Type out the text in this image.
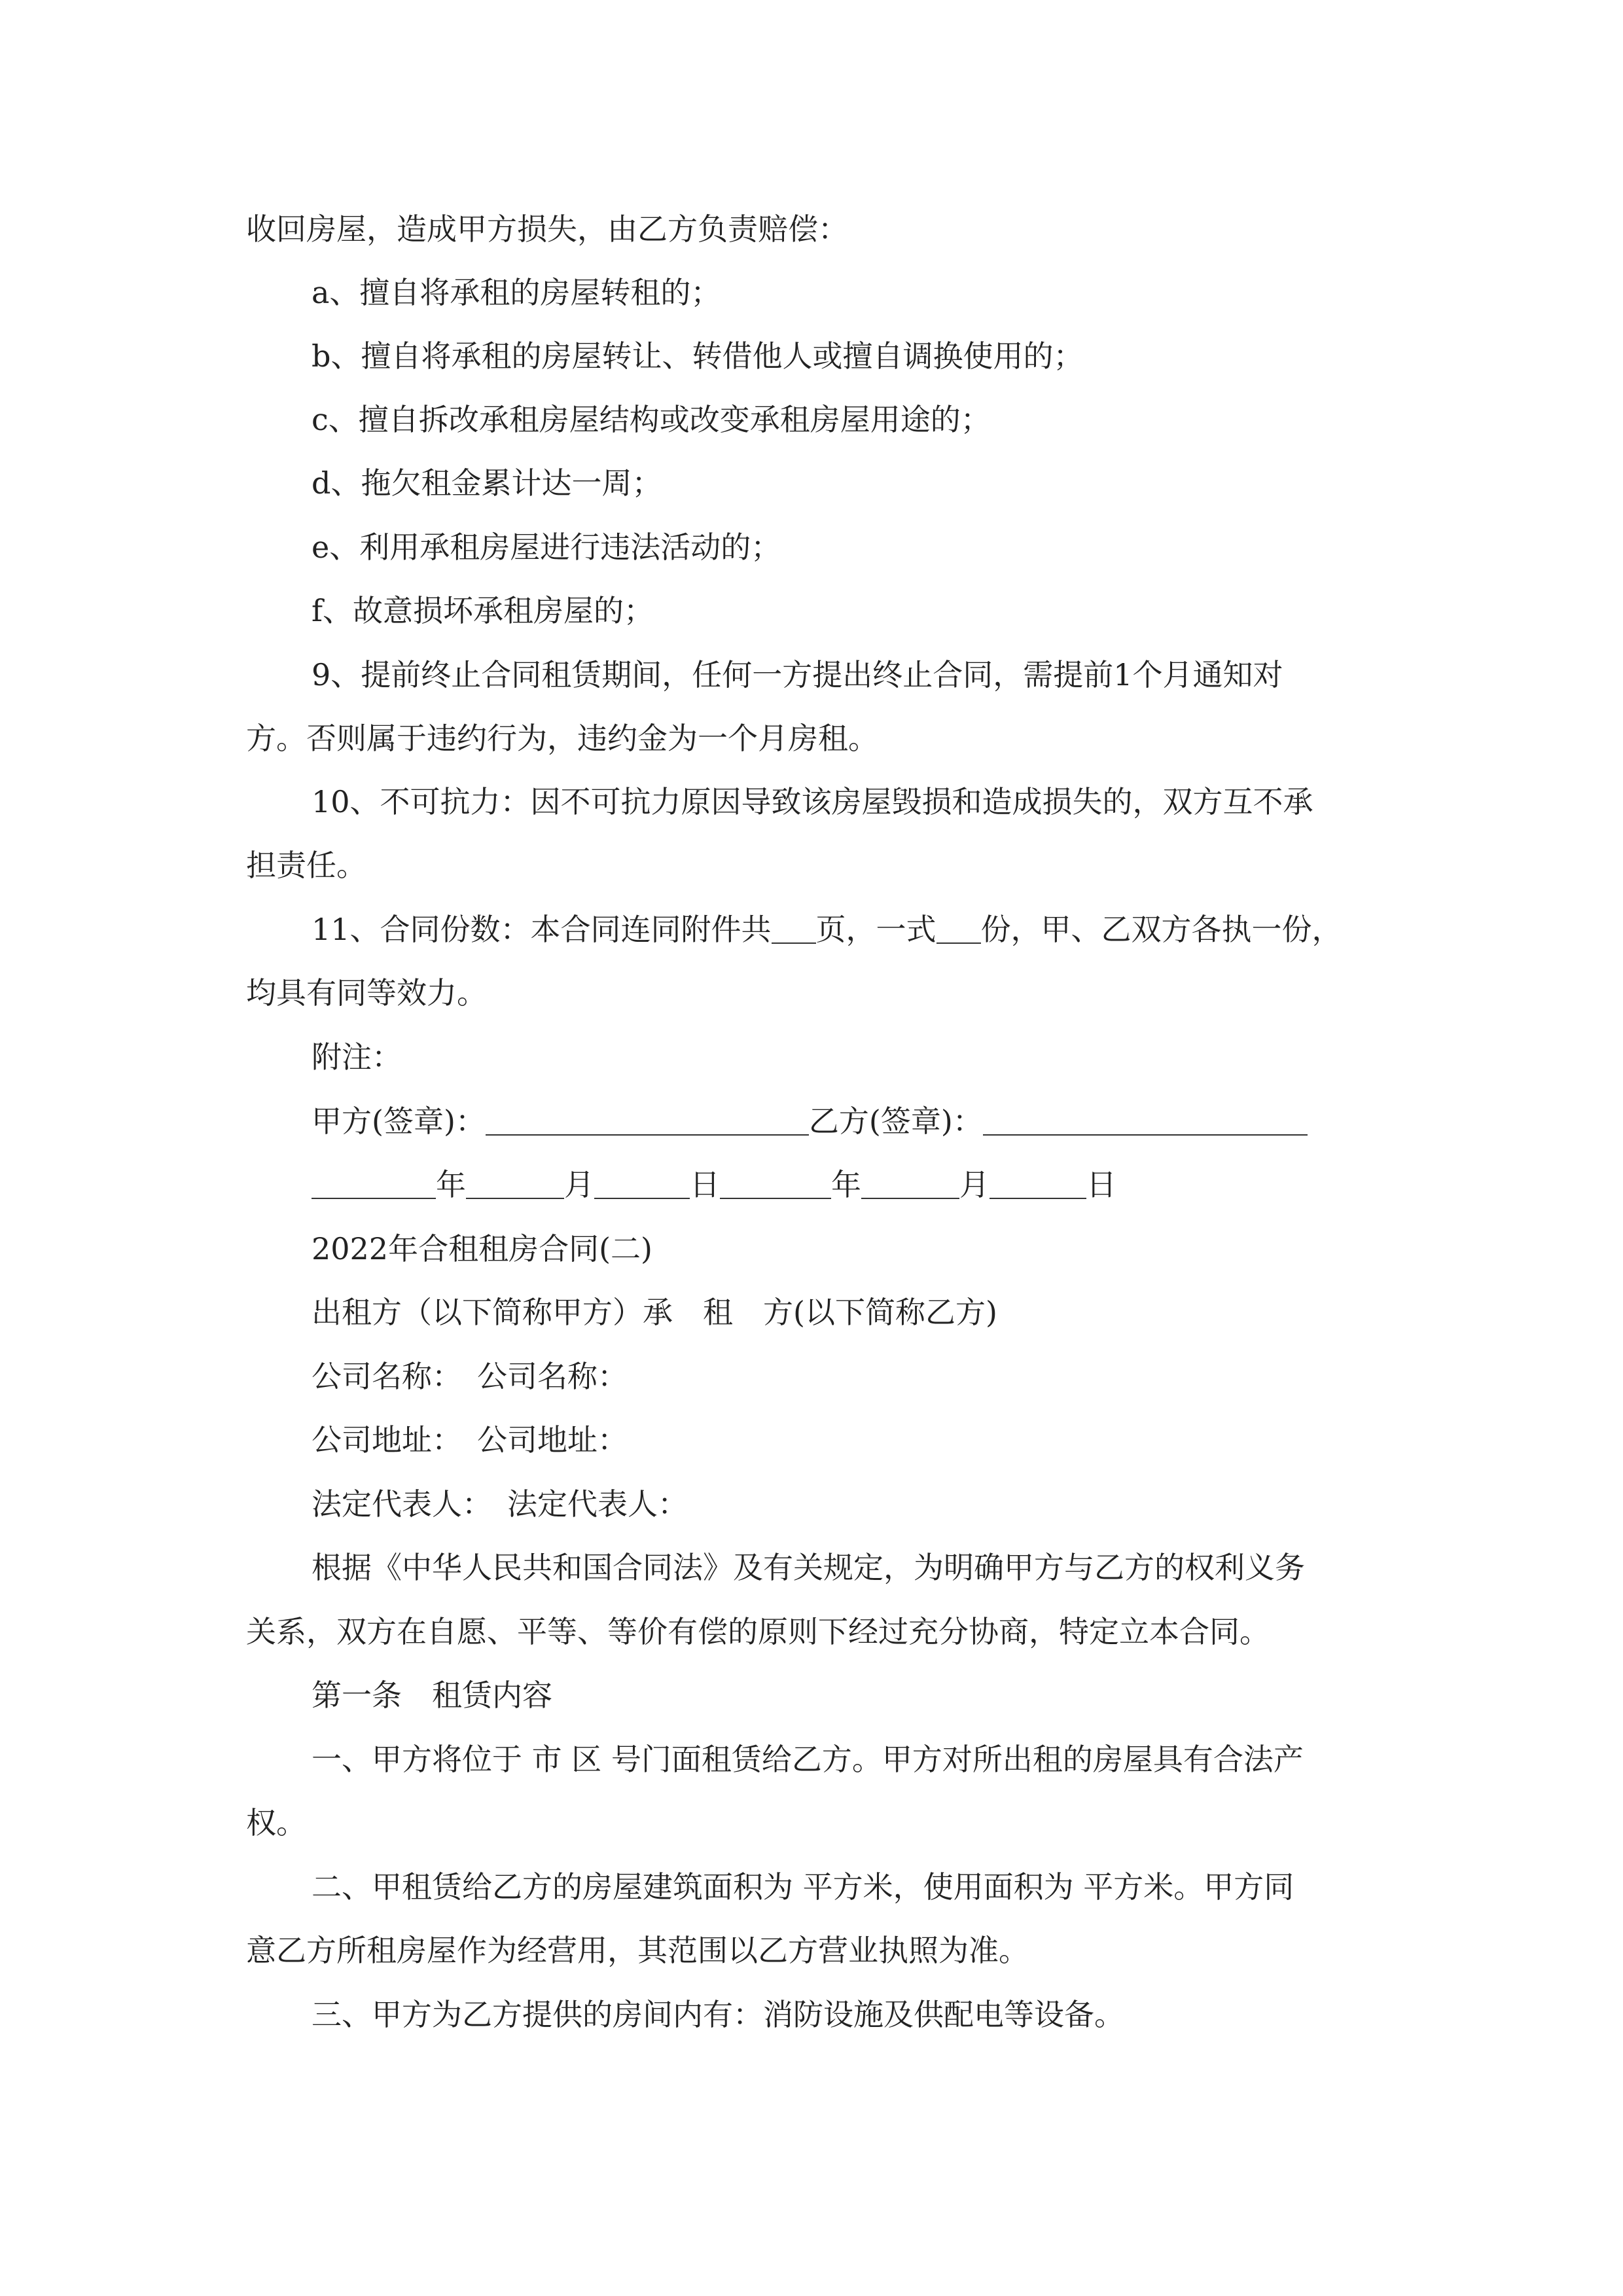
收回房屋，造成甲方损失，由乙方负责赔偿：
a、擅自将承租的房屋转租的；
b、擅自将承租的房屋转让、转借他人或擅自调换使用的；
c、擅自拆改承租房屋结构或改变承租房屋用途的；
d、拖欠租金累计达一周；
e、利用承租房屋进行违法活动的；
f、故意损坏承租房屋的；
9、提前终止合同租赁期间，任何一方提出终止合同，需提前1个月通知对
方。否则属于违约行为，违约金为一个月房租。
10、不可抗力：因不可抗力原因导致该房屋毁损和造成损失的，双方互不承
担责任。
11、合同份数：本合同连同附件共 页，一式 份，甲、乙双方各执一份，
均具有同等效力。
附注：
甲方(签章)：	乙方(签章)：
年	月	日	年	月	日
2022年合租租房合同(二)
出租方（以下简称甲方）承　租　方(以下简称乙方)
公司名称：　公司名称：
公司地址：　公司地址：
法定代表人：　法定代表人：
根据《中华人民共和国合同法》及有关规定，为明确甲方与乙方的权利义务
关系，双方在自愿、平等、等价有偿的原则下经过充分协商，特定立本合同。
第一条　租赁内容
一、甲方将位于 市 区 号门面租赁给乙方。甲方对所出租的房屋具有合法产
权。
二、甲租赁给乙方的房屋建筑面积为 平方米，使用面积为 平方米。甲方同
意乙方所租房屋作为经营用，其范围以乙方营业执照为准。
三、甲方为乙方提供的房间内有：消防设施及供配电等设备。
